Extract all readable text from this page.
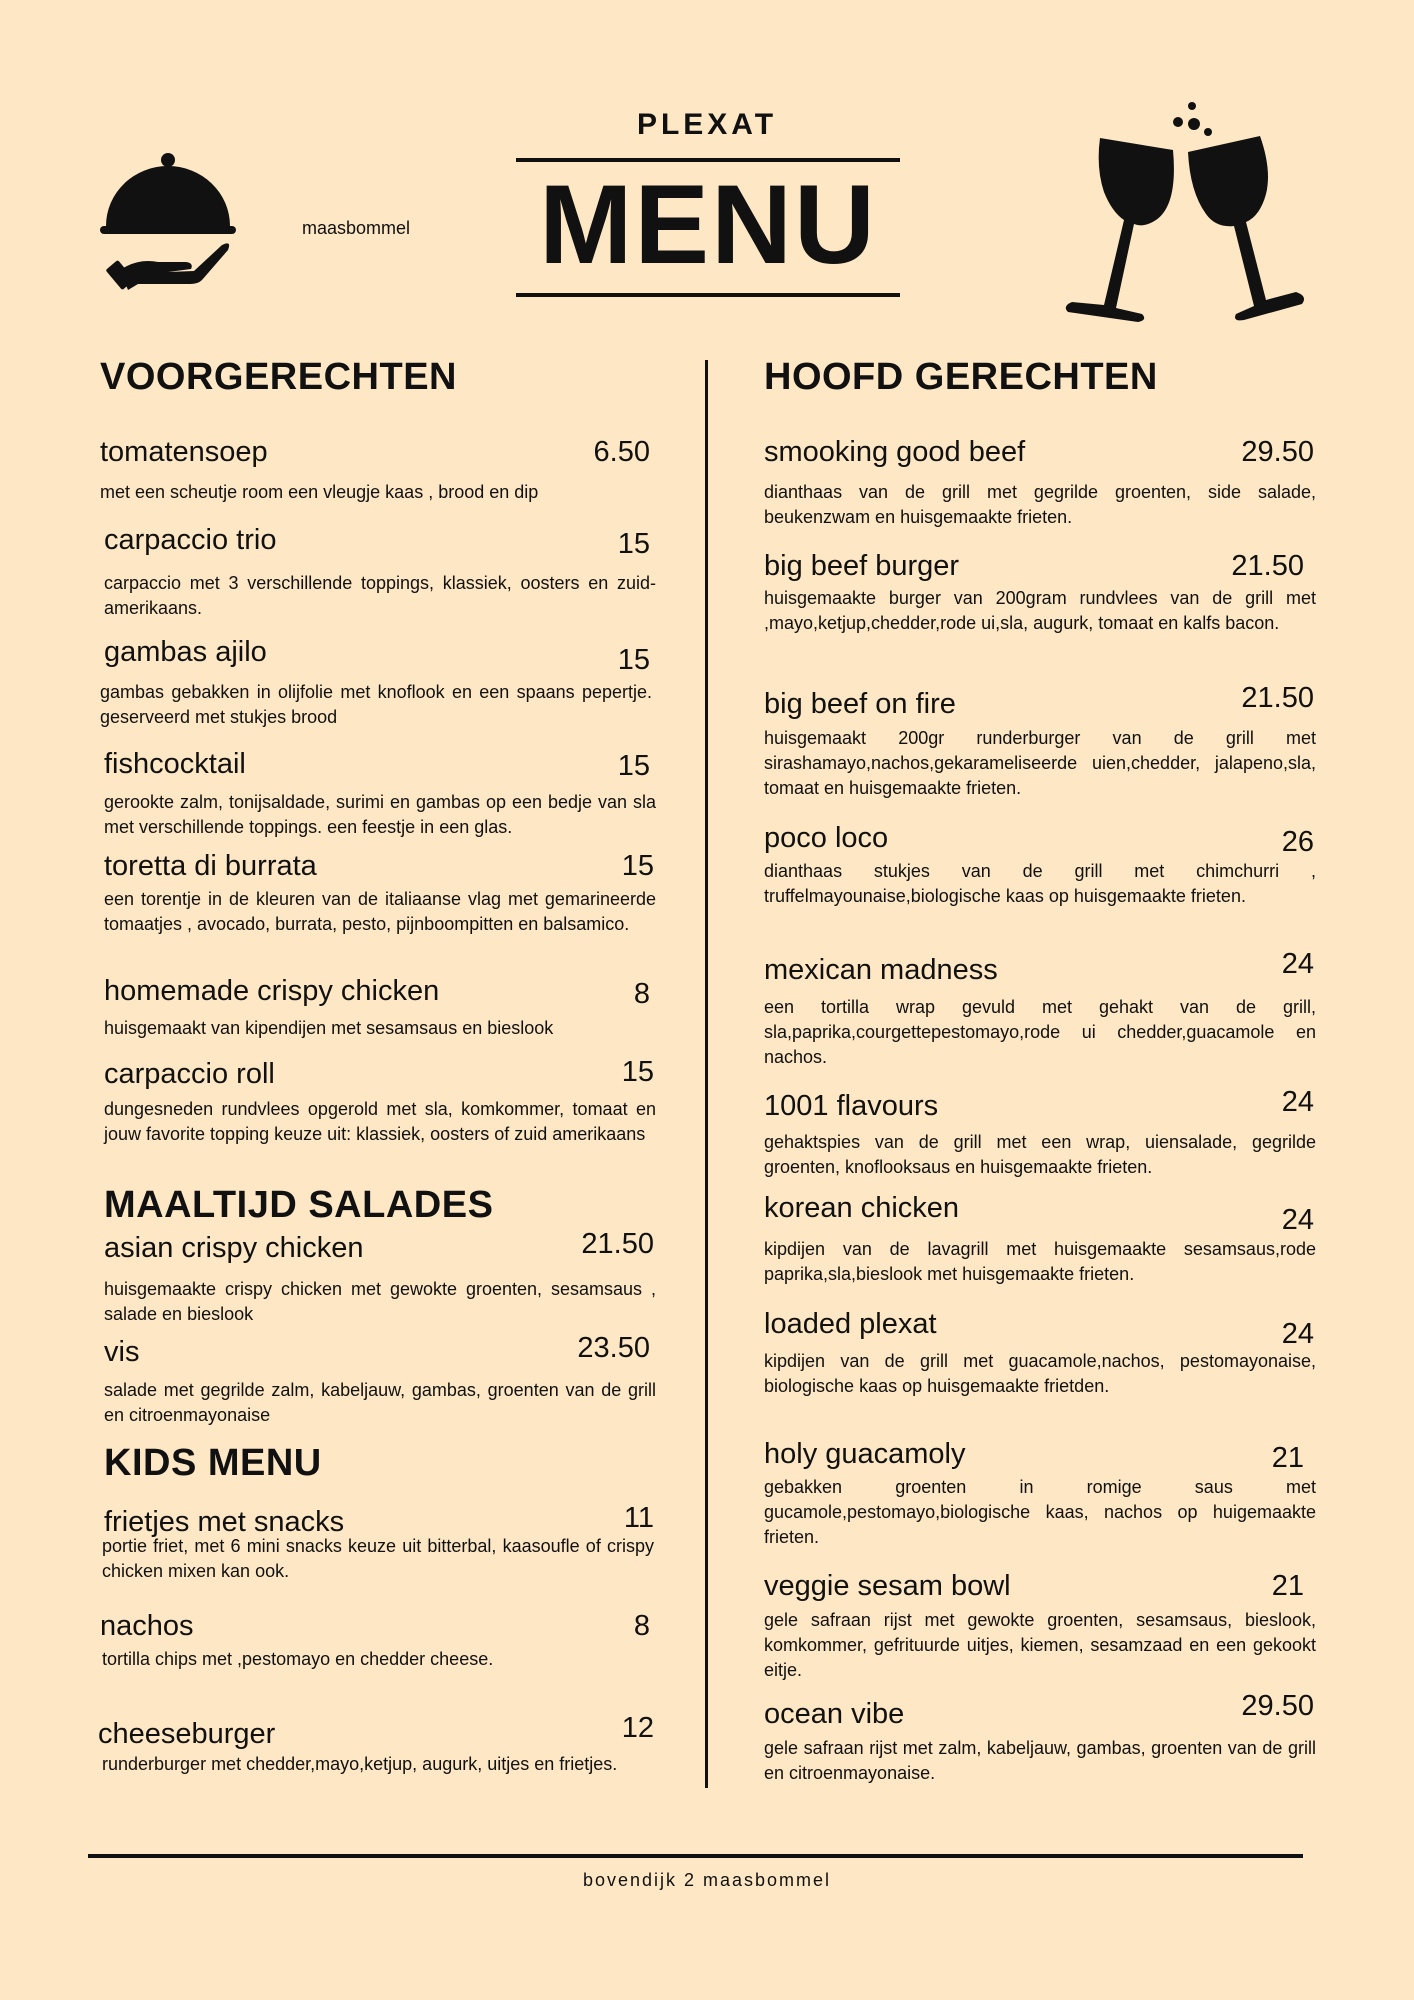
PLEXAT
MENU
maasbommel
VOORGERECHTEN
tomatensoep	6.50
met een scheutje room een vleugje kaas , brood en dip
carpaccio trio	15
carpaccio met 3 verschillende toppings, klassiek, oosters en zuid-amerikaans.
gambas ajilo	15
gambas gebakken in olijfolie met knoflook en een spaans pepertje. geserveerd met stukjes brood
fishcocktail	15
gerookte zalm, tonijsaldade, surimi en gambas op een bedje van sla met verschillende toppings. een feestje in een glas.
toretta di burrata	15
een torentje in de kleuren van de italiaanse vlag met gemarineerde tomaatjes , avocado, burrata, pesto, pijnboompitten en balsamico.
homemade crispy chicken	8
huisgemaakt van kipendijen met sesamsaus en bieslook
carpaccio roll	15
dungesneden rundvlees opgerold met sla, komkommer, tomaat en jouw favorite topping keuze uit: klassiek, oosters of zuid amerikaans
MAALTIJD SALADES
asian crispy chicken	21.50
huisgemaakte crispy chicken met gewokte groenten, sesamsaus , salade en bieslook
vis	23.50
salade met gegrilde zalm, kabeljauw, gambas, groenten van de grill en citroenmayonaise
KIDS MENU
frietjes met snacks	11
portie friet, met 6 mini snacks keuze uit bitterbal, kaasoufle of crispy chicken mixen kan ook.
nachos	8
tortilla chips met ,pestomayo en chedder cheese.
cheeseburger	12
runderburger met chedder,mayo,ketjup, augurk, uitjes en frietjes.
HOOFD GERECHTEN
smooking good beef	29.50
dianthaas van de grill met gegrilde groenten, side salade, beukenzwam en huisgemaakte frieten.
big beef burger	21.50
huisgemaakte burger van 200gram rundvlees van de grill met ,mayo,ketjup,chedder,rode ui,sla, augurk, tomaat en kalfs bacon.
big beef on fire	21.50
huisgemaakt 200gr runderburger van de grill met sirashamayo,nachos,gekarameliseerde uien,chedder, jalapeno,sla, tomaat en huisgemaakte frieten.
poco loco	26
dianthaas stukjes van de grill met chimchurri , truffelmayounaise,biologische kaas op huisgemaakte frieten.
mexican madness	24
een tortilla wrap gevuld met gehakt van de grill, sla,paprika,courgettepestomayo,rode ui chedder,guacamole en nachos.
1001 flavours	24
gehaktspies van de grill met een wrap, uiensalade, gegrilde groenten, knoflooksaus en huisgemaakte frieten.
korean chicken	24
kipdijen van de lavagrill met huisgemaakte sesamsaus,rode paprika,sla,bieslook met huisgemaakte frieten.
loaded plexat	24
kipdijen van de grill met guacamole,nachos, pestomayonaise, biologische kaas op huisgemaakte frietden.
holy guacamoly	21
gebakken groenten in romige saus met gucamole,pestomayo,biologische kaas, nachos op huigemaakte frieten.
veggie sesam bowl	21
gele safraan rijst met gewokte groenten, sesamsaus, bieslook, komkommer, gefrituurde uitjes, kiemen, sesamzaad en een gekookt eitje.
ocean vibe	29.50
gele safraan rijst met zalm, kabeljauw, gambas, groenten van de grill en citroenmayonaise.
bovendijk 2 maasbommel
